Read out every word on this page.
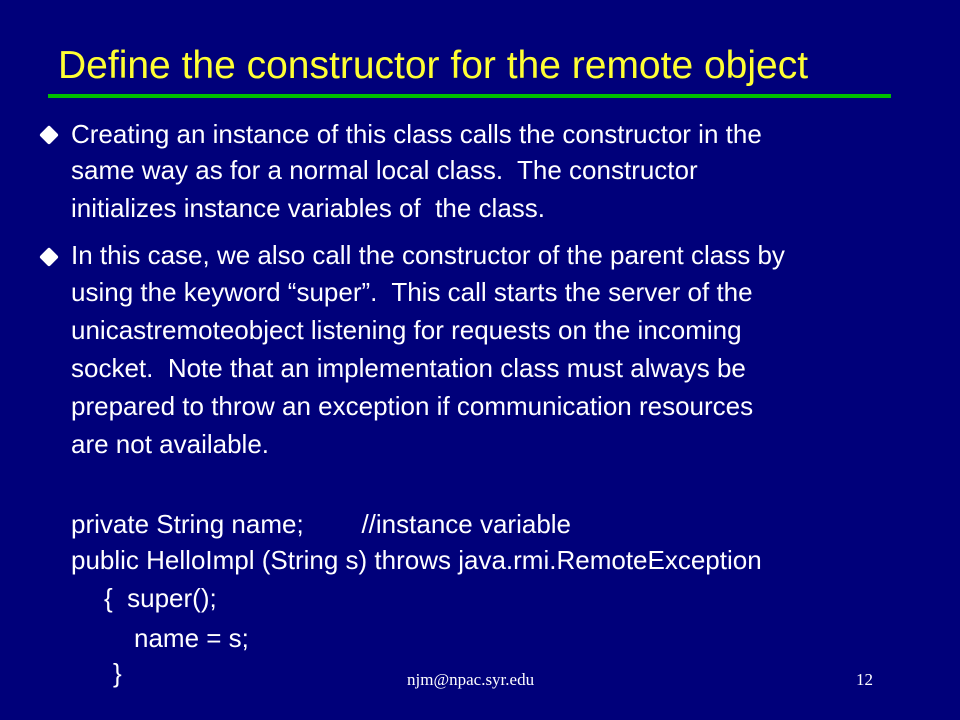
Define the constructor for the remote object
Creating an instance of this class calls the constructor in the
same way as for a normal local class.  The constructor
initializes instance variables of  the class.
In this case, we also call the constructor of the parent class by
using the keyword “super”.  This call starts the server of the
unicastremoteobject listening for requests on the incoming
socket.  Note that an implementation class must always be
prepared to throw an exception if communication resources
are not available.
private String name;        //instance variable
public HelloImpl (String s) throws java.rmi.RemoteException
{  super();
name = s;
}	njm@npac.syr.edu	12
